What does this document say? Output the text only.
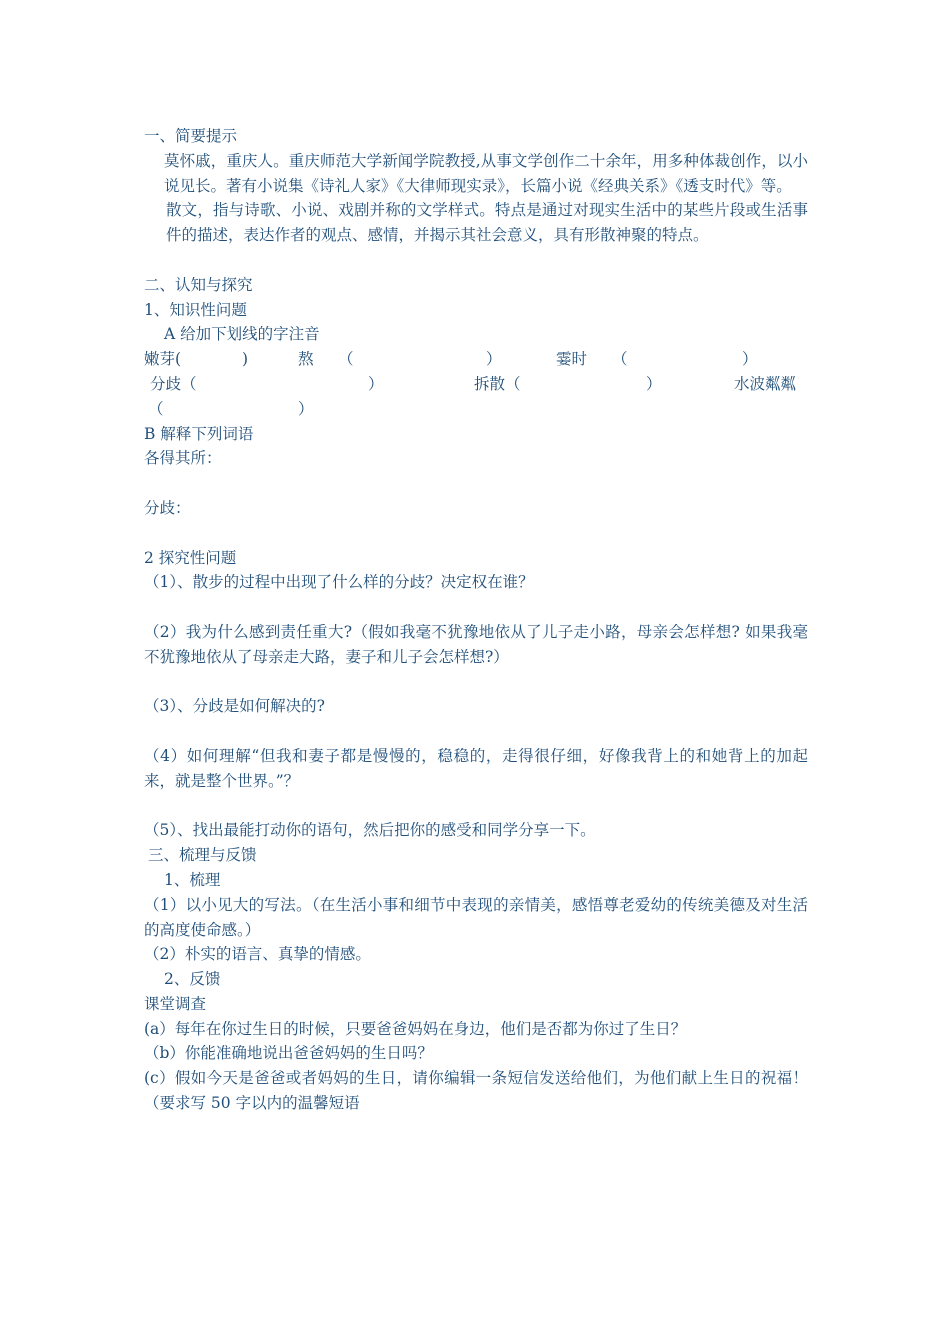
一、简要提示
莫怀戚，重庆人。重庆师范大学新闻学院教授,从事文学创作二十余年，用多种体裁创作，以小说见长。著有小说集《诗礼人家》《大律师现实录》，长篇小说《经典关系》《透支时代》等。
散文，指与诗歌、小说、戏剧并称的文学样式。特点是通过对现实生活中的某些片段或生活事件的描述，表达作者的观点、感情，并揭示其社会意义，具有形散神聚的特点。
二、认知与探究
1、知识性问题
A 给加下划线的字注音
嫩芽(	)	熬 （	）	霎时 （	）
分歧（	）	拆散（	）	水波粼粼
（	）
B 解释下列词语
各得其所：
分歧：
2 探究性问题
（1）、散步的过程中出现了什么样的分歧？决定权在谁？
（2）我为什么感到责任重大?（假如我毫不犹豫地依从了儿子走小路，母亲会怎样想? 如果我毫不犹豫地依从了母亲走大路，妻子和儿子会怎样想?）
（3）、分歧是如何解决的?
（4）如何理解“但我和妻子都是慢慢的，稳稳的，走得很仔细，好像我背上的和她背上的加起来，就是整个世界。”？
（5）、找出最能打动你的语句，然后把你的感受和同学分享一下。
三、梳理与反馈
1、梳理
（1）以小见大的写法。（在生活小事和细节中表现的亲情美，感悟尊老爱幼的传统美德及对生活的高度使命感。）
（2）朴实的语言、真挚的情感。
2、反馈
课堂调查
(a）每年在你过生日的时候，只要爸爸妈妈在身边，他们是否都为你过了生日？
（b）你能准确地说出爸爸妈妈的生日吗？
(c）假如今天是爸爸或者妈妈的生日，请你编辑一条短信发送给他们，为他们献上生日的祝福！（要求写 50 字以内的温馨短语
